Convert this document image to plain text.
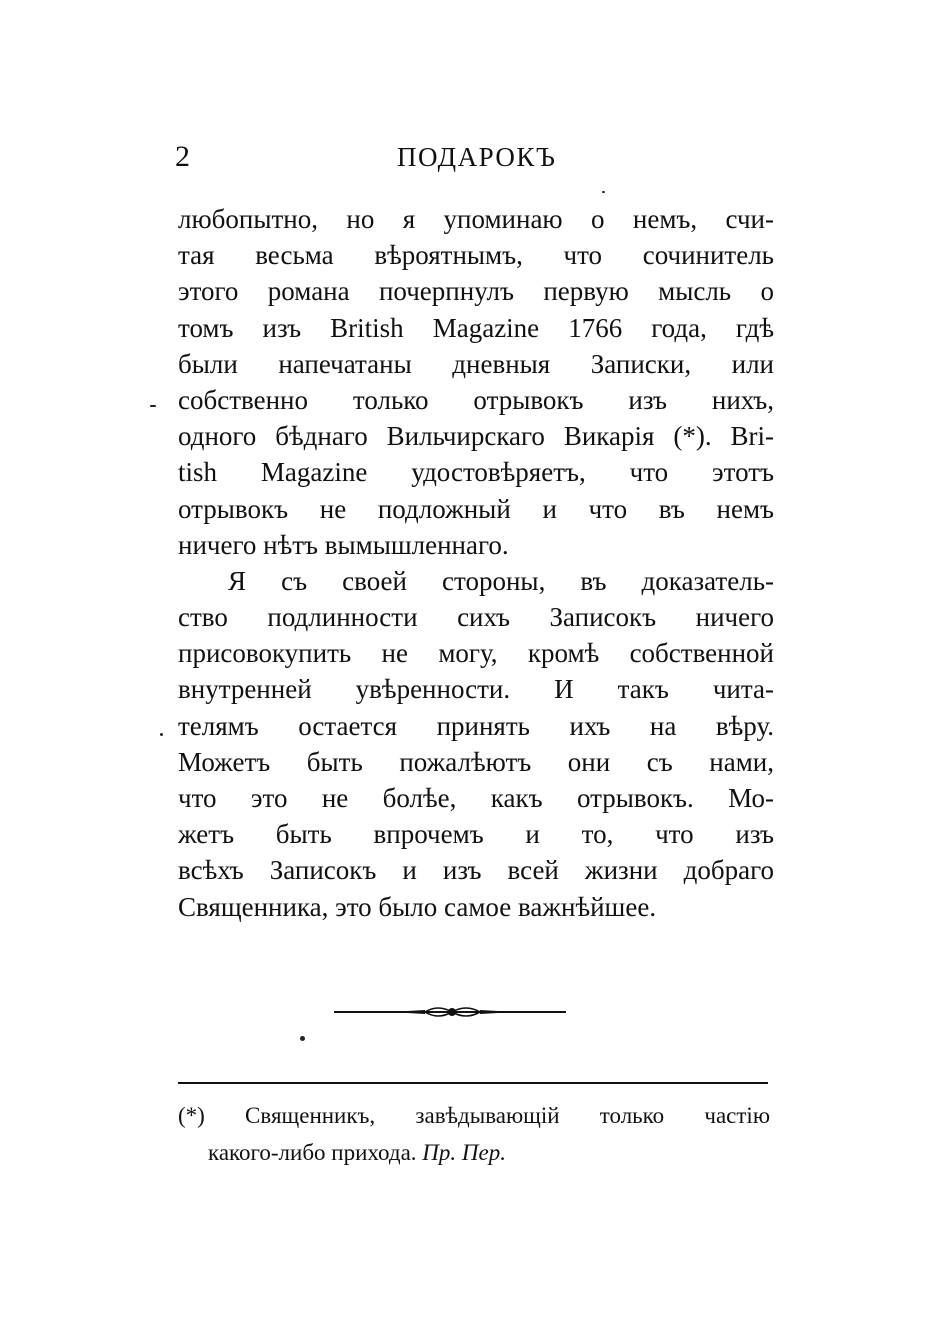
2	ПОДАРОКЪ
любопытно, но я упоминаю о немъ, счи-
тая весьма вѣроятнымъ, что сочинитель
этого романа почерпнулъ первую мысль о
томъ изъ British Magazine 1766 года, гдѣ
были напечатаны дневныя Записки, или
собственно только отрывокъ изъ нихъ,
одного бѣднаго Вильчирскаго Викарія (*). Bri-
tish Magazine удостовѣряетъ, что этотъ
отрывокъ не подложный и что въ немъ
ничего нѣтъ вымышленнаго.
Я съ своей стороны, въ доказатель-
ство подлинности сихъ Записокъ ничего
присовокупить не могу, кромѣ собственной
внутренней увѣренности. И такъ чита-
телямъ остается принять ихъ на вѣру.
Можетъ быть пожалѣютъ они съ нами,
что это не болѣе, какъ отрывокъ. Мо-
жетъ быть впрочемъ и то, что изъ
всѣхъ Записокъ и изъ всей жизни добраго
Священника, это было самое важнѣйшее.
(*) Священникъ, завѣдывающій только частію
какого-либо прихода. Пр. Пер.
